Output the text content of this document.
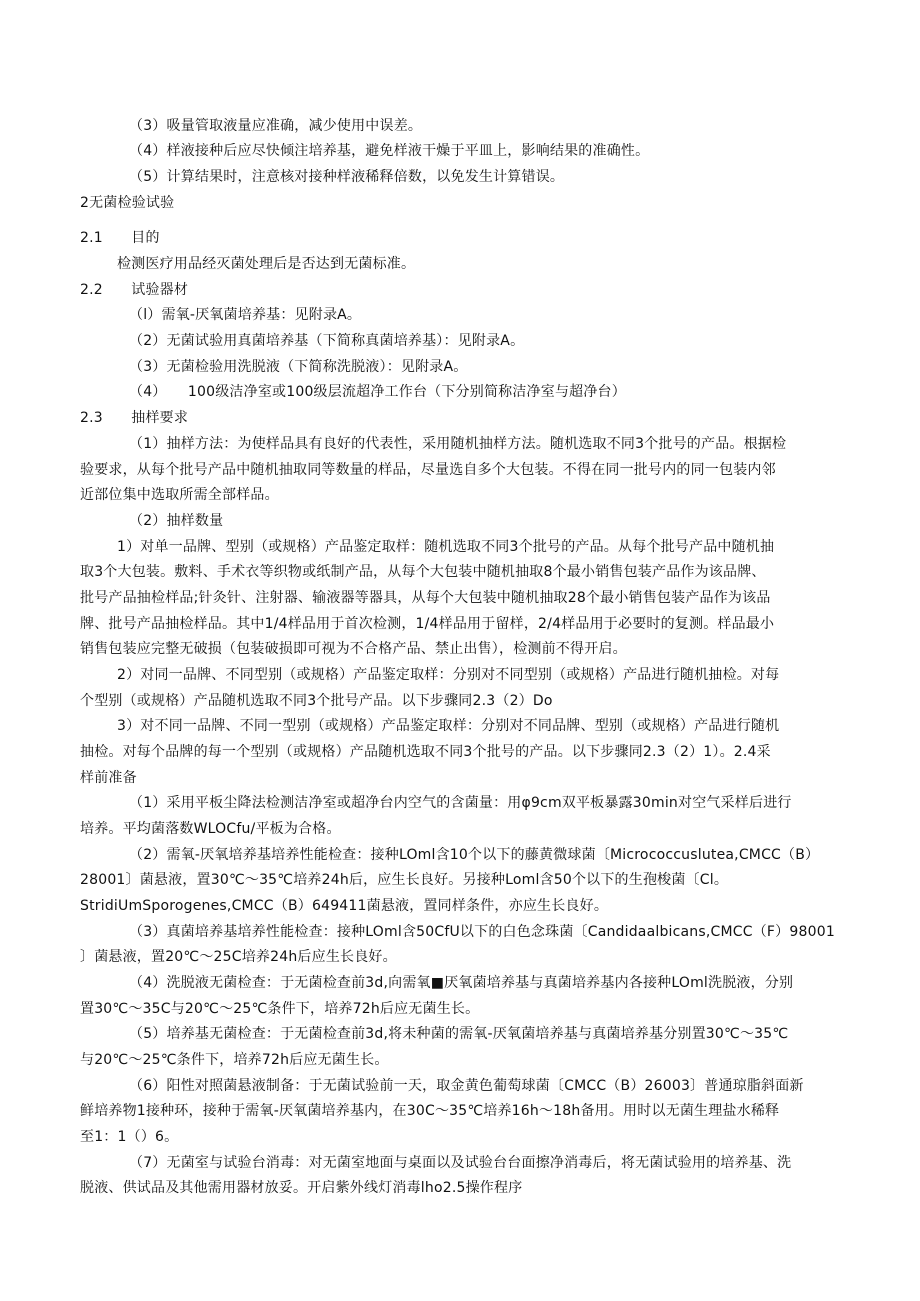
（3）吸量管取液量应准确，减少使用中误差。

（4）样液接种后应尽快倾注培养基，避免样液干燥于平皿上，影响结果的准确性。

（5）计算结果时，注意核对接种样液稀释倍数，以免发生计算错误。

2无菌检验试验

2.1　　目的

检测医疗用品经灭菌处理后是否达到无菌标准。

2.2　　试验器材

（l）需氧-厌氧菌培养基：见附录A。

（2）无菌试验用真菌培养基（下简称真菌培养基）：见附录A。

（3）无菌检验用洗脱液（下简称洗脱液）：见附录A。

（4）　　100级洁净室或100级层流超净工作台（下分别简称洁净室与超净台）

2.3　　抽样要求

（1）抽样方法：为使样品具有良好的代表性，采用随机抽样方法。随机选取不同3个批号的产品。根据检

验要求，从每个批号产品中随机抽取同等数量的样品，尽量选自多个大包装。不得在同一批号内的同一包装内邻

近部位集中选取所需全部样品。

（2）抽样数量

1）对单一品牌、型别（或规格）产品鉴定取样：随机选取不同3个批号的产品。从每个批号产品中随机抽

取3个大包装。敷料、手术衣等织物或纸制产品，从每个大包装中随机抽取8个最小销售包装产品作为该品牌、

批号产品抽检样品;针灸针、注射器、输液器等器具，从每个大包装中随机抽取28个最小销售包装产品作为该品

牌、批号产品抽检样品。其中1/4样品用于首次检测，1/4样品用于留样，2/4样品用于必要时的复测。样品最小

销售包装应完整无破损（包装破损即可视为不合格产品、禁止出售），检测前不得开启。

2）对同一品牌、不同型别（或规格）产品鉴定取样：分别对不同型别（或规格）产品进行随机抽检。对每

个型别（或规格）产品随机选取不同3个批号产品。以下步骤同2.3（2）Do

3）对不同一品牌、不同一型别（或规格）产品鉴定取样：分别对不同品牌、型别（或规格）产品进行随机

抽检。对每个品牌的每一个型别（或规格）产品随机选取不同3个批号的产品。以下步骤同2.3（2）1）。2.4采

样前准备

（1）采用平板尘降法检测洁净室或超净台内空气的含菌量：用φ9cm双平板暴露30min对空气采样后进行

培养。平均菌落数WLOCfu/平板为合格。

（2）需氧-厌氧培养基培养性能检查：接种LOml含10个以下的藤黄微球菌〔Micrococcuslutea,CMCC（B）

28001〕菌悬液，置30℃～35℃培养24h后，应生长良好。另接种Loml含50个以下的生孢梭菌〔Cl。

StridiUmSporogenes,CMCC（B）649411菌悬液，置同样条件，亦应生长良好。

（3）真菌培养基培养性能检查：接种LOml含50CfU以下的白色念珠菌〔Candidaalbicans,CMCC（F）98001

〕菌悬液，置20℃～25C培养24h后应生长良好。

（4）洗脱液无菌检查：于无菌检查前3d,向需氧■厌氧菌培养基与真菌培养基内各接种LOml洗脱液，分别

置30℃～35C与20℃～25℃条件下，培养72h后应无菌生长。

（5）培养基无菌检查：于无菌检查前3d,将未种菌的需氧-厌氧菌培养基与真菌培养基分别置30℃～35℃

与20℃～25℃条件下，培养72h后应无菌生长。

（6）阳性对照菌悬液制备：于无菌试验前一天，取金黄色葡萄球菌〔CMCC（B）26003〕普通琼脂斜面新

鲜培养物1接种环，接种于需氧-厌氧菌培养基内，在30C～35℃培养16h～18h备用。用时以无菌生理盐水稀释

至1：1（）6。

（7）无菌室与试验台消毒：对无菌室地面与桌面以及试验台台面擦净消毒后，将无菌试验用的培养基、洗

脱液、供试品及其他需用器材放妥。开启紫外线灯消毒lho2.5操作程序
